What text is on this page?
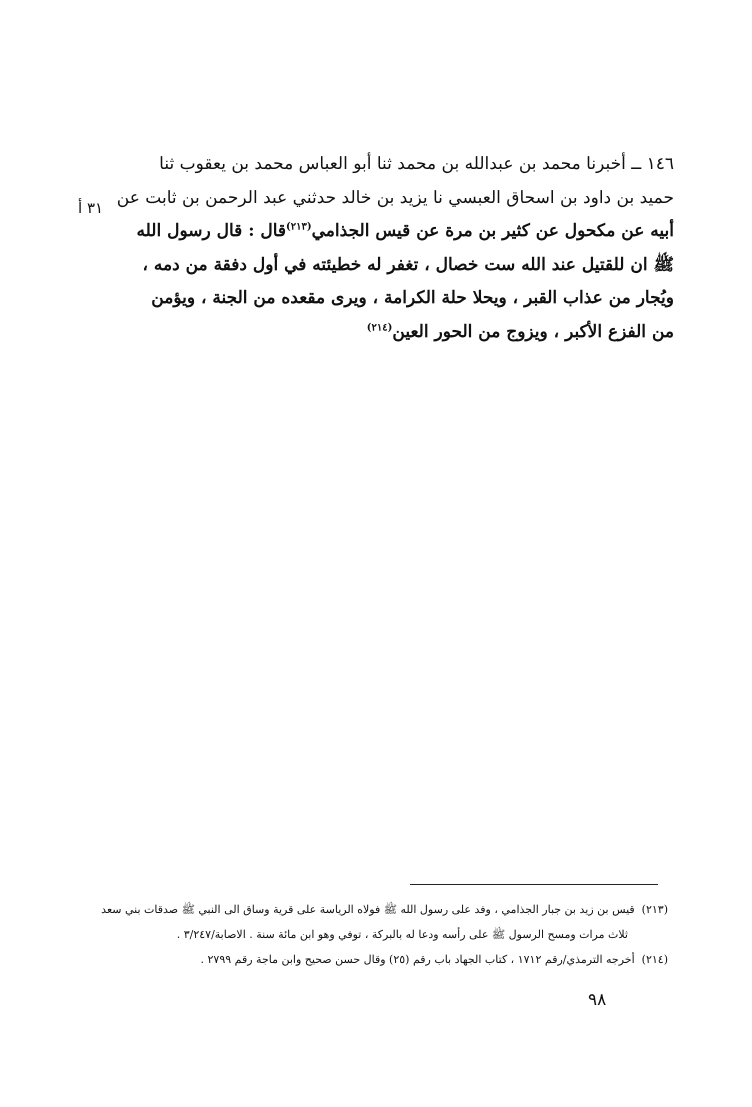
١٤٦ ــ أخبرنا محمد بن عبدالله بن محمد ثنا أبو العباس محمد بن يعقوب ثنا
حميد بن داود بن اسحاق العبسي نا يزيد بن خالد حدثني عبد الرحمن بن ثابت عن
أبيه عن مكحول عن كثير بن مرة عن قيس الجذامي$^{(٢١٣)}$قال : قال رسول الله
ﷺ ان للقتيل عند الله ست خصال ، تغفر له خطيئته في أول دفقة من دمه ،
ويُجار من عذاب القبر ، ويحلا حلة الكرامة ، ويرى مقعده من الجنة ، ويؤمن
من الفزع الأكبر ، ويزوج من الحور العين$^{(٢١٤)}$
٣١ أ
(٢١٣)  قيس بن زيد بن جبار الجذامي ، وفد على رسول الله ﷺ فولاه الرياسة على قرية وساق الى النبي ﷺ صدقات بني سعد
ثلاث مرات ومسح الرسول ﷺ على رأسه ودعا له بالبركة ، توفي وهو ابن مائة سنة . الاصابة/٣/٢٤٧ .
(٢١٤)  أخرجه الترمذي/رقم ١٧١٢ ، كتاب الجهاد باب رقم (٢٥) وقال حسن صحيح وابن ماجة رقم ٢٧٩٩ .
٩٨
